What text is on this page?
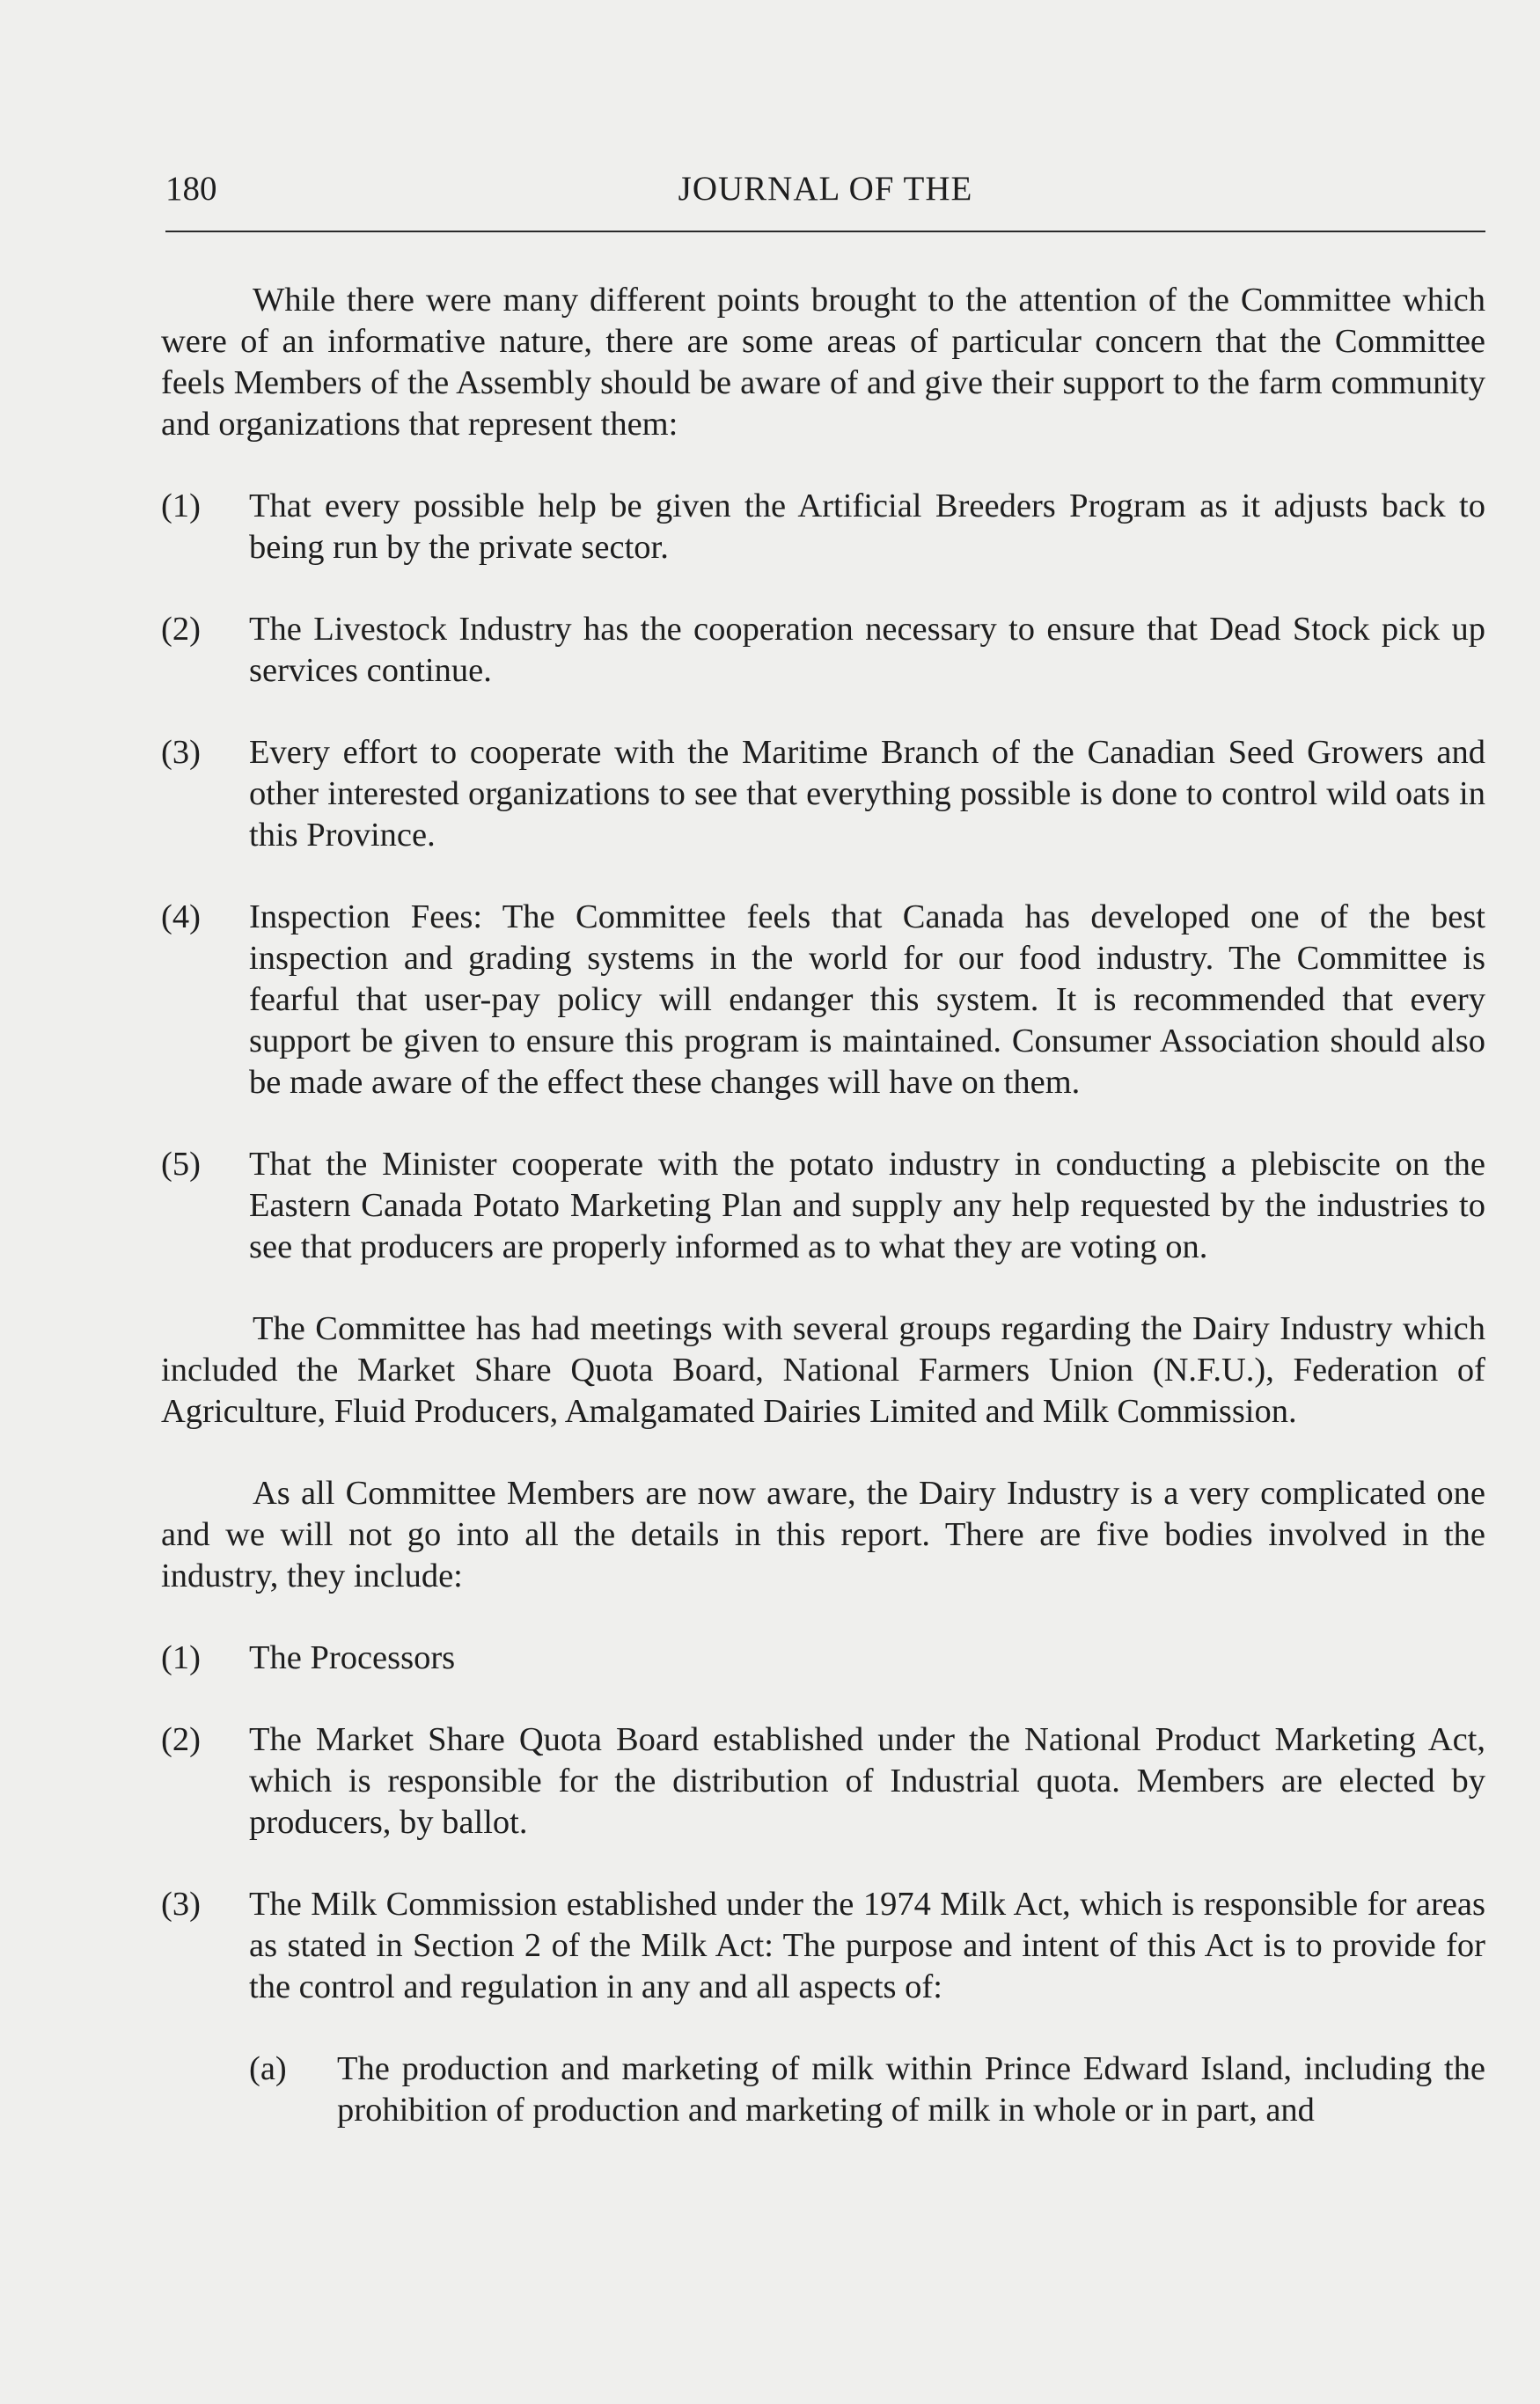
180	JOURNAL OF THE

While there were many different points brought to the attention of the Committee which were of an informative nature, there are some areas of particular concern that the Committee feels Members of the Assembly should be aware of and give their support to the farm community and organizations that represent them:

(1) That every possible help be given the Artificial Breeders Program as it adjusts back to being run by the private sector.
(2) The Livestock Industry has the cooperation necessary to ensure that Dead Stock pick up services continue.
(3) Every effort to cooperate with the Maritime Branch of the Canadian Seed Growers and other interested organizations to see that everything possible is done to control wild oats in this Province.
(4) Inspection Fees: The Committee feels that Canada has developed one of the best inspection and grading systems in the world for our food industry. The Committee is fearful that user-pay policy will endanger this system. It is recommended that every support be given to ensure this program is maintained. Consumer Association should also be made aware of the effect these changes will have on them.
(5) That the Minister cooperate with the potato industry in conducting a plebiscite on the Eastern Canada Potato Marketing Plan and supply any help requested by the industries to see that producers are properly informed as to what they are voting on.

The Committee has had meetings with several groups regarding the Dairy Industry which included the Market Share Quota Board, National Farmers Union (N.F.U.), Federation of Agriculture, Fluid Producers, Amalgamated Dairies Limited and Milk Commission.

As all Committee Members are now aware, the Dairy Industry is a very complicated one and we will not go into all the details in this report. There are five bodies involved in the industry, they include:

(1) The Processors
(2) The Market Share Quota Board established under the National Product Marketing Act, which is responsible for the distribution of Industrial quota. Members are elected by producers, by ballot.
(3) The Milk Commission established under the 1974 Milk Act, which is responsible for areas as stated in Section 2 of the Milk Act: The purpose and intent of this Act is to provide for the control and regulation in any and all aspects of:
(a) The production and marketing of milk within Prince Edward Island, including the prohibition of production and marketing of milk in whole or in part, and
